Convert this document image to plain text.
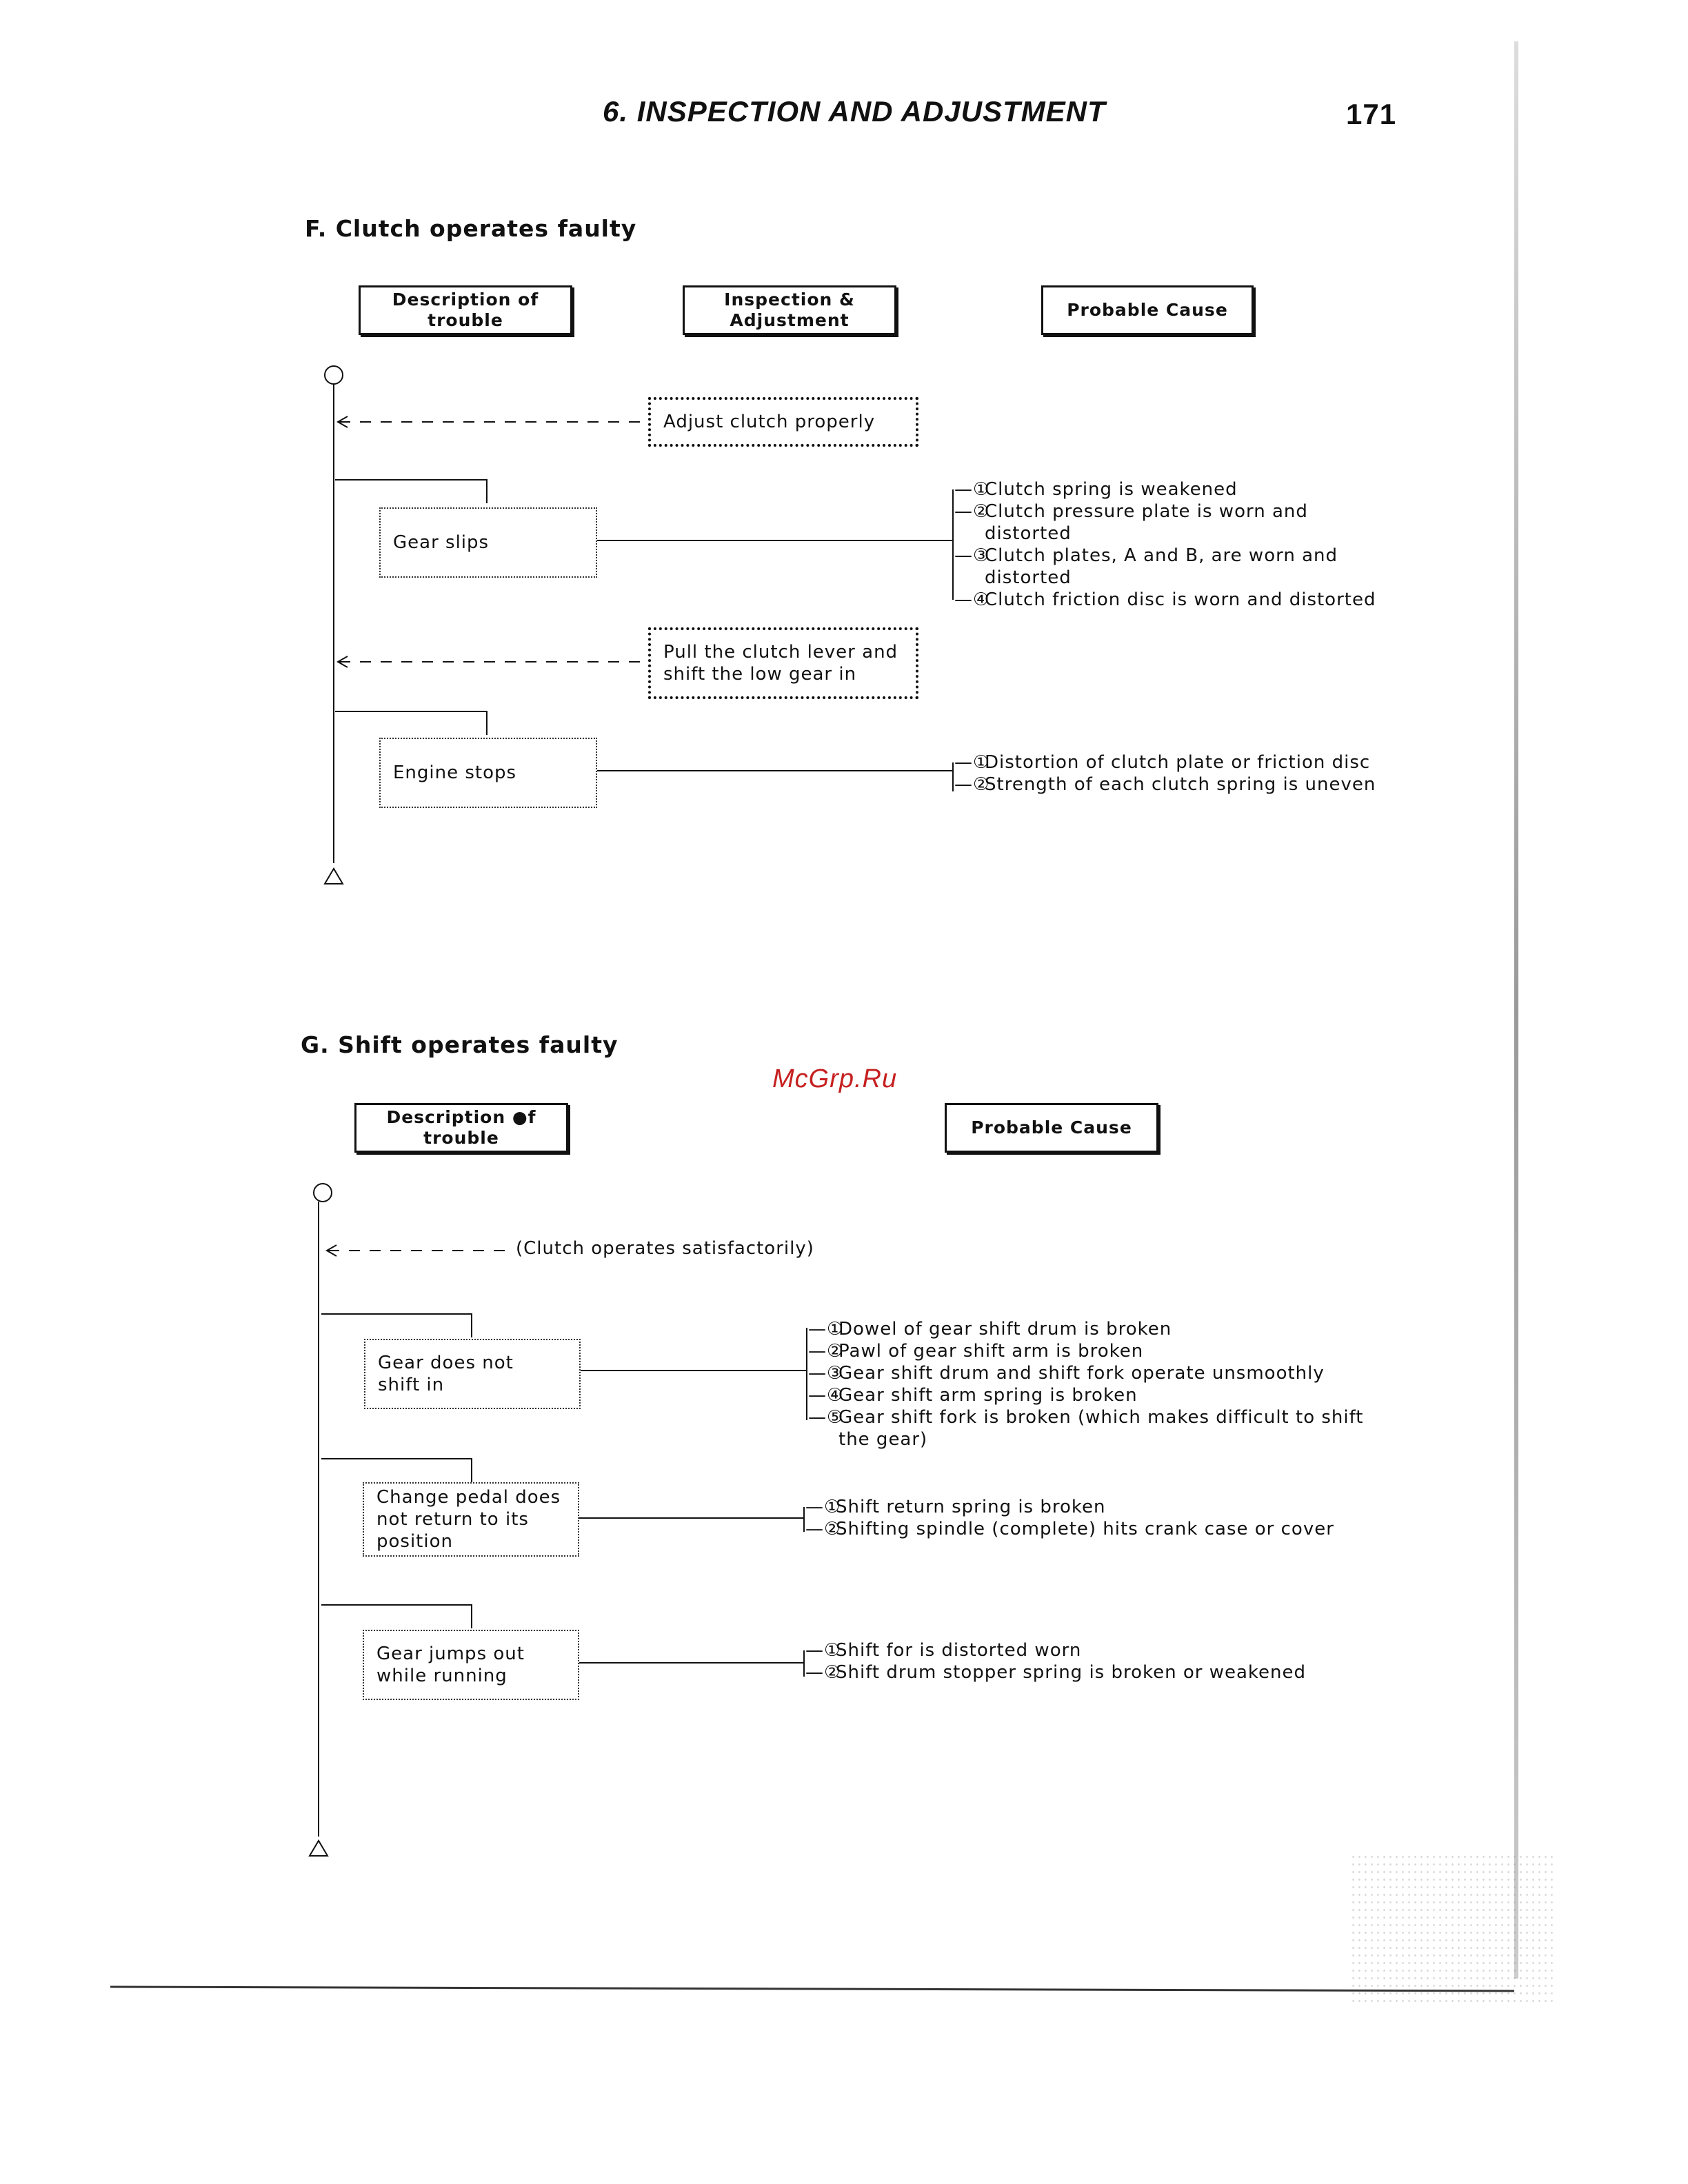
6. INSPECTION AND ADJUSTMENT	171
F. Clutch operates faulty
Description of
trouble
Inspection &
Adjustment
Probable Cause
Adjust clutch properly
Gear slips
—①
Clutch spring is weakened
—②
Clutch pressure plate is worn and
distorted
—③
Clutch plates, A and B, are worn and
distorted
—④
Clutch friction disc is worn and distorted
Pull the clutch lever and
shift the low gear in
Engine stops	—①
Distortion of clutch plate or friction disc
—②
Strength of each clutch spring is uneven
McGrp.Ru
G. Shift operates faulty
Description ●f
trouble
Probable Cause
(Clutch operates satisfactorily)
Gear does not
shift in
—①
Dowel of gear shift drum is broken
—②
Pawl of gear shift arm is broken
—③
Gear shift drum and shift fork operate unsmoothly
—④
Gear shift arm spring is broken
—⑤
Gear shift fork is broken (which makes difficult to shift
the gear)
Change pedal does
not return to its
position
—①
Shift return spring is broken
—②
Shifting spindle (complete) hits crank case or cover
Gear jumps out
while running
—①
Shift for is distorted worn
—②
Shift drum stopper spring is broken or weakened
